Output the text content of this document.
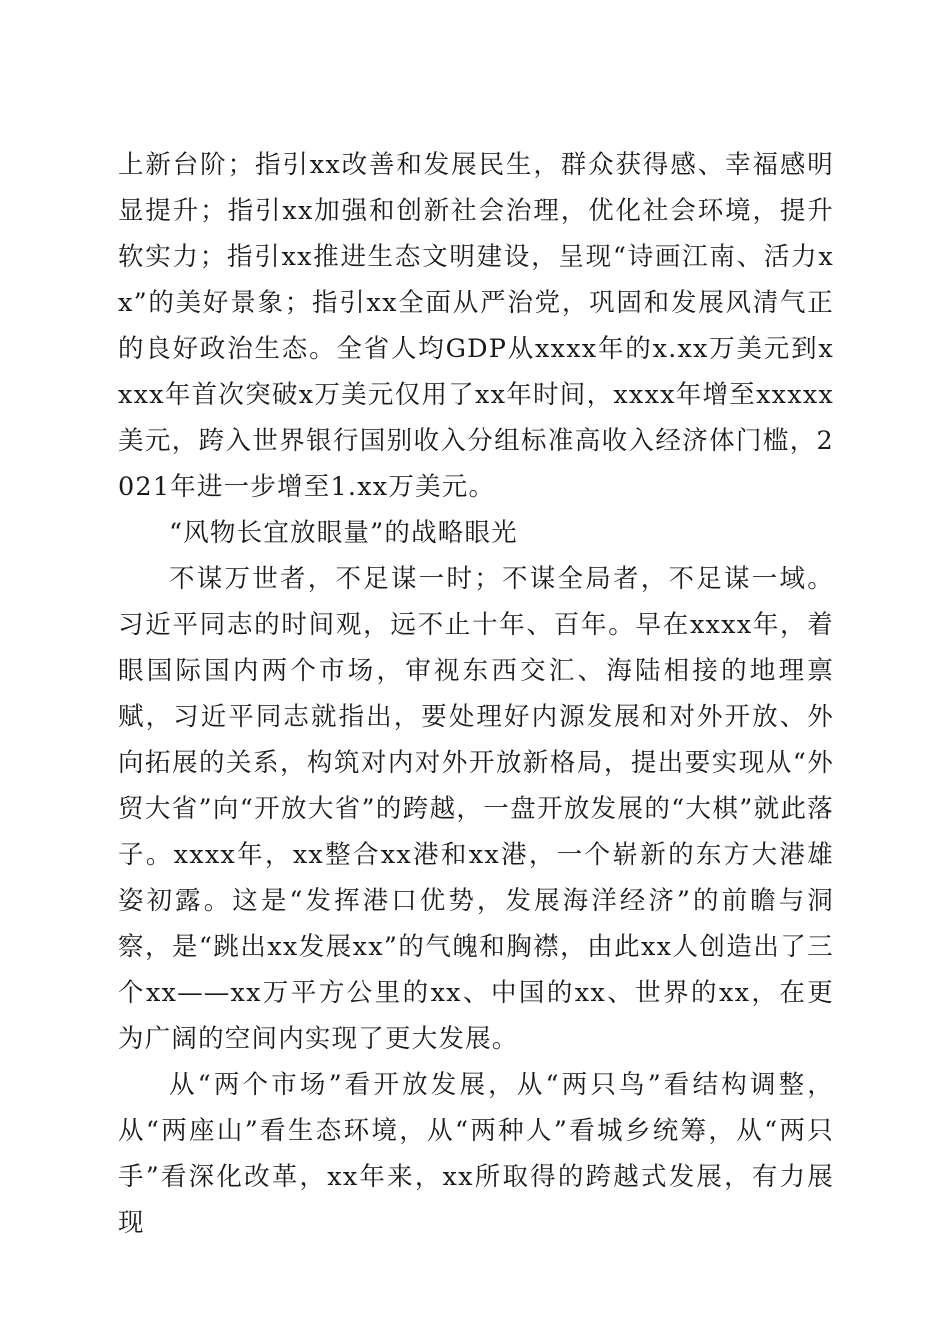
上新台阶；指引xx改善和发展民生，群众获得感、幸福感明显提升；指引xx加强和创新社会治理，优化社会环境，提升软实力；指引xx推进生态文明建设，呈现“诗画江南、活力xx”的美好景象；指引xx全面从严治党，巩固和发展风清气正的良好政治生态。全省人均GDP从xxxx年的x.xx万美元到xxxx年首次突破x万美元仅用了xx年时间，xxxx年增至xxxxx美元，跨入世界银行国别收入分组标准高收入经济体门槛，2021年进一步增至1.xx万美元。

“风物长宜放眼量”的战略眼光

不谋万世者，不足谋一时；不谋全局者，不足谋一域。习近平同志的时间观，远不止十年、百年。早在xxxx年，着眼国际国内两个市场，审视东西交汇、海陆相接的地理禀赋，习近平同志就指出，要处理好内源发展和对外开放、外向拓展的关系，构筑对内对外开放新格局，提出要实现从“外贸大省”向“开放大省”的跨越，一盘开放发展的“大棋”就此落子。xxxx年，xx整合xx港和xx港，一个崭新的东方大港雄姿初露。这是“发挥港口优势，发展海洋经济”的前瞻与洞察，是“跳出xx发展xx”的气魄和胸襟，由此xx人创造出了三个xx——xx万平方公里的xx、中国的xx、世界的xx，在更为广阔的空间内实现了更大发展。

从“两个市场”看开放发展，从“两只鸟”看结构调整，从“两座山”看生态环境，从“两种人”看城乡统筹，从“两只手”看深化改革，xx年来，xx所取得的跨越式发展，有力展现
